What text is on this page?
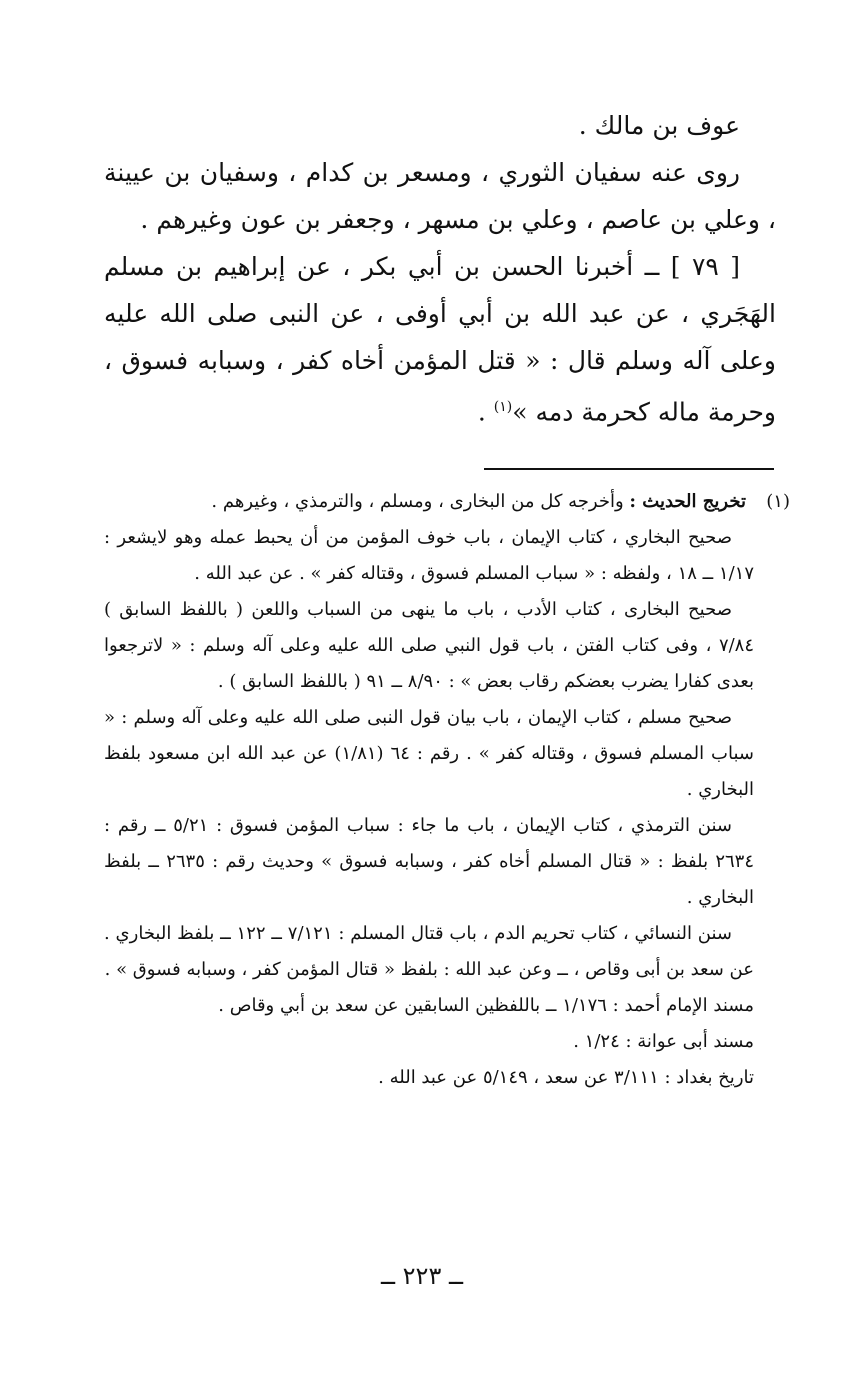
عوف بن مالك .

روى عنه سفيان الثوري ، ومسعر بن كدام ، وسفيان بن عيينة ، وعلي بن عاصم ، وعلي بن مسهر ، وجعفر بن عون وغيرهم .

[ ٧٩ ] ــ أخبرنا الحسن بن أبي بكر ، عن إبراهيم بن مسلم الهَجَري ، عن عبد الله بن أبي أوفى ، عن النبى صلى الله عليه وعلى آله وسلم قال : « قتل المؤمن أخاه كفر ، وسبابه فسوق ، وحرمة ماله كحرمة دمه »$^{(١)}$ .

(١)تخريج الحديث : وأخرجه كل من البخارى ، ومسلم ، والترمذي ، وغيرهم .

صحيح البخاري ، كتاب الإيمان ، باب خوف المؤمن من أن يحبط عمله وهو لايشعر : ١/١٧ ــ ١٨ ، ولفظه : « سباب المسلم فسوق ، وقتاله كفر » . عن عبد الله .

صحيح البخارى ، كتاب الأدب ، باب ما ينهى من السباب واللعن ( باللفظ السابق ) ٧/٨٤ ، وفى كتاب الفتن ، باب قول النبي صلى الله عليه وعلى آله وسلم : « لاترجعوا بعدى كفارا يضرب بعضكم رقاب بعض » : ٨/٩٠ ــ ٩١ ( باللفظ السابق ) .

صحيح مسلم ، كتاب الإيمان ، باب بيان قول النبى صلى الله عليه وعلى آله وسلم : « سباب المسلم فسوق ، وقتاله كفر » . رقم : ٦٤ (١/٨١) عن عبد الله ابن مسعود بلفظ البخاري .

سنن الترمذي ، كتاب الإيمان ، باب ما جاء : سباب المؤمن فسوق : ٥/٢١ ــ رقم : ٢٦٣٤ بلفظ : « قتال المسلم أخاه كفر ، وسبابه فسوق » وحديث رقم : ٢٦٣٥ ــ بلفظ البخاري .

سنن النسائي ، كتاب تحريم الدم ، باب قتال المسلم : ٧/١٢١ ــ ١٢٢ ــ بلفظ البخاري . عن سعد بن أبى وقاص ، ــ وعن عبد الله : بلفظ « قتال المؤمن كفر ، وسبابه فسوق » .

مسند الإمام أحمد : ١/١٧٦ ــ باللفظين السابقين عن سعد بن أبي وقاص .

مسند أبى عوانة : ١/٢٤ .

تاريخ بغداد : ٣/١١١ عن سعد ، ٥/١٤٩ عن عبد الله .

ــ ٢٢٣ ــ
